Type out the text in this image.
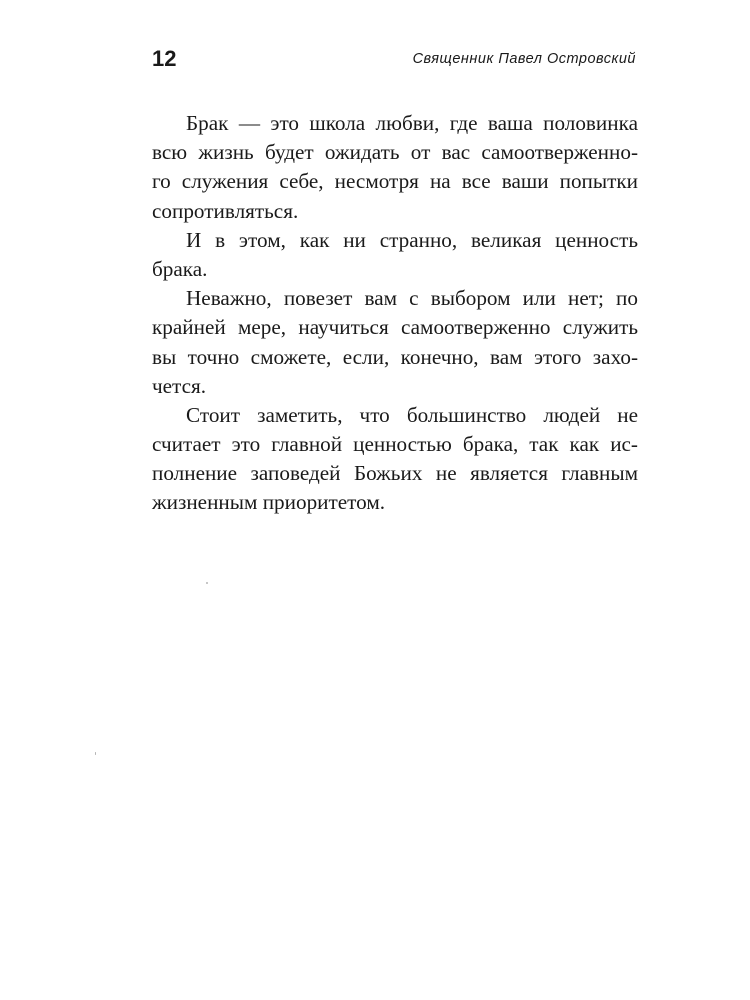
12	Священник Павел Островский
Брак — это школа любви, где ваша половинка
всю жизнь будет ожидать от вас самоотверженно-
го служения себе, несмотря на все ваши попытки
сопротивляться.
И в этом, как ни странно, великая ценность
брака.
Неважно, повезет вам с выбором или нет; по
крайней мере, научиться самоотверженно служить
вы точно сможете, если, конечно, вам этого захо-
чется.
Стоит заметить, что большинство людей не
считает это главной ценностью брака, так как ис-
полнение заповедей Божьих не является главным
жизненным приоритетом.
